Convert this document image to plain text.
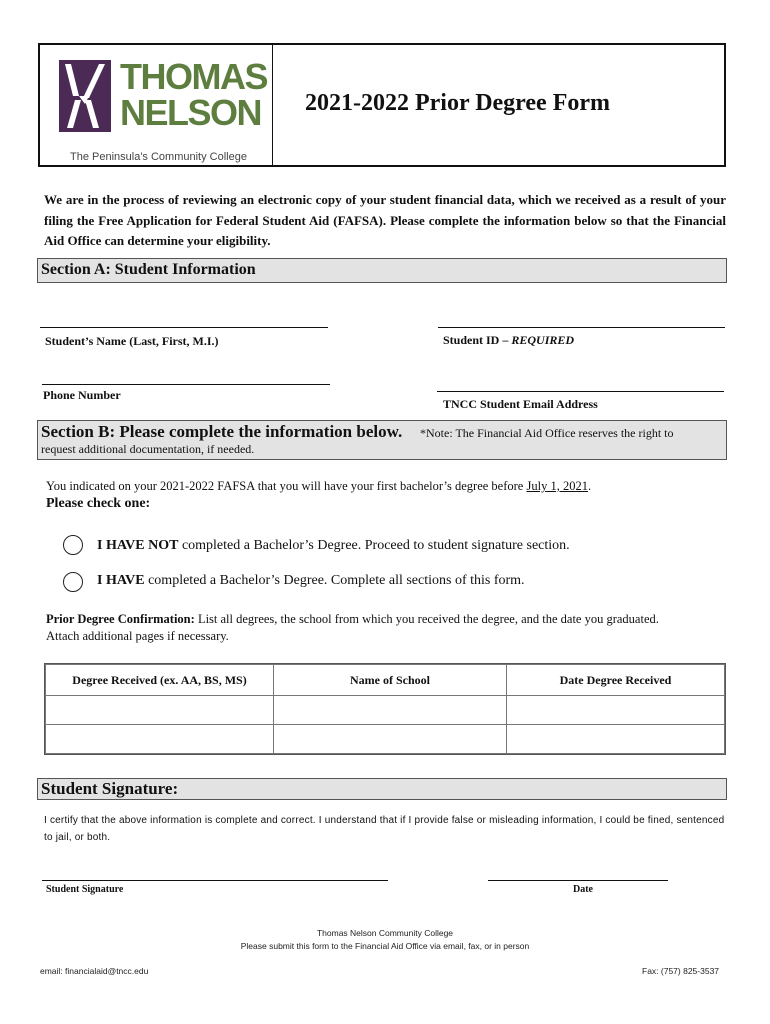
THOMAS
NELSON
The Peninsula's Community College
2021-2022 Prior Degree Form
We are in the process of reviewing an electronic copy of your student financial data, which we received as a result of your filing the Free Application for Federal Student Aid (FAFSA). Please complete the information below so that the Financial Aid Office can determine your eligibility.
Section A: Student Information
Student’s Name (Last, First, M.I.)	Student ID – REQUIRED
Phone Number
TNCC Student Email Address
Section B: Please complete the information below. *Note: The Financial Aid Office reserves the right to
request additional documentation, if needed.
You indicated on your 2021-2022 FAFSA that you will have your first bachelor’s degree before July 1, 2021.
Please check one:
I HAVE NOT completed a Bachelor’s Degree. Proceed to student signature section.
I HAVE completed a Bachelor’s Degree. Complete all sections of this form.
Prior Degree Confirmation: List all degrees, the school from which you received the degree, and the date you graduated.
Attach additional pages if necessary.
Degree Received (ex. AA, BS, MS)	Name of School	Date Degree Received

Student Signature:
I certify that the above information is complete and correct. I understand that if I provide false or misleading information, I could be fined, sentenced to jail, or both.
Student Signature	Date
Thomas Nelson Community College
Please submit this form to the Financial Aid Office via email, fax, or in person
email: financialaid@tncc.edu	Fax: (757) 825-3537
